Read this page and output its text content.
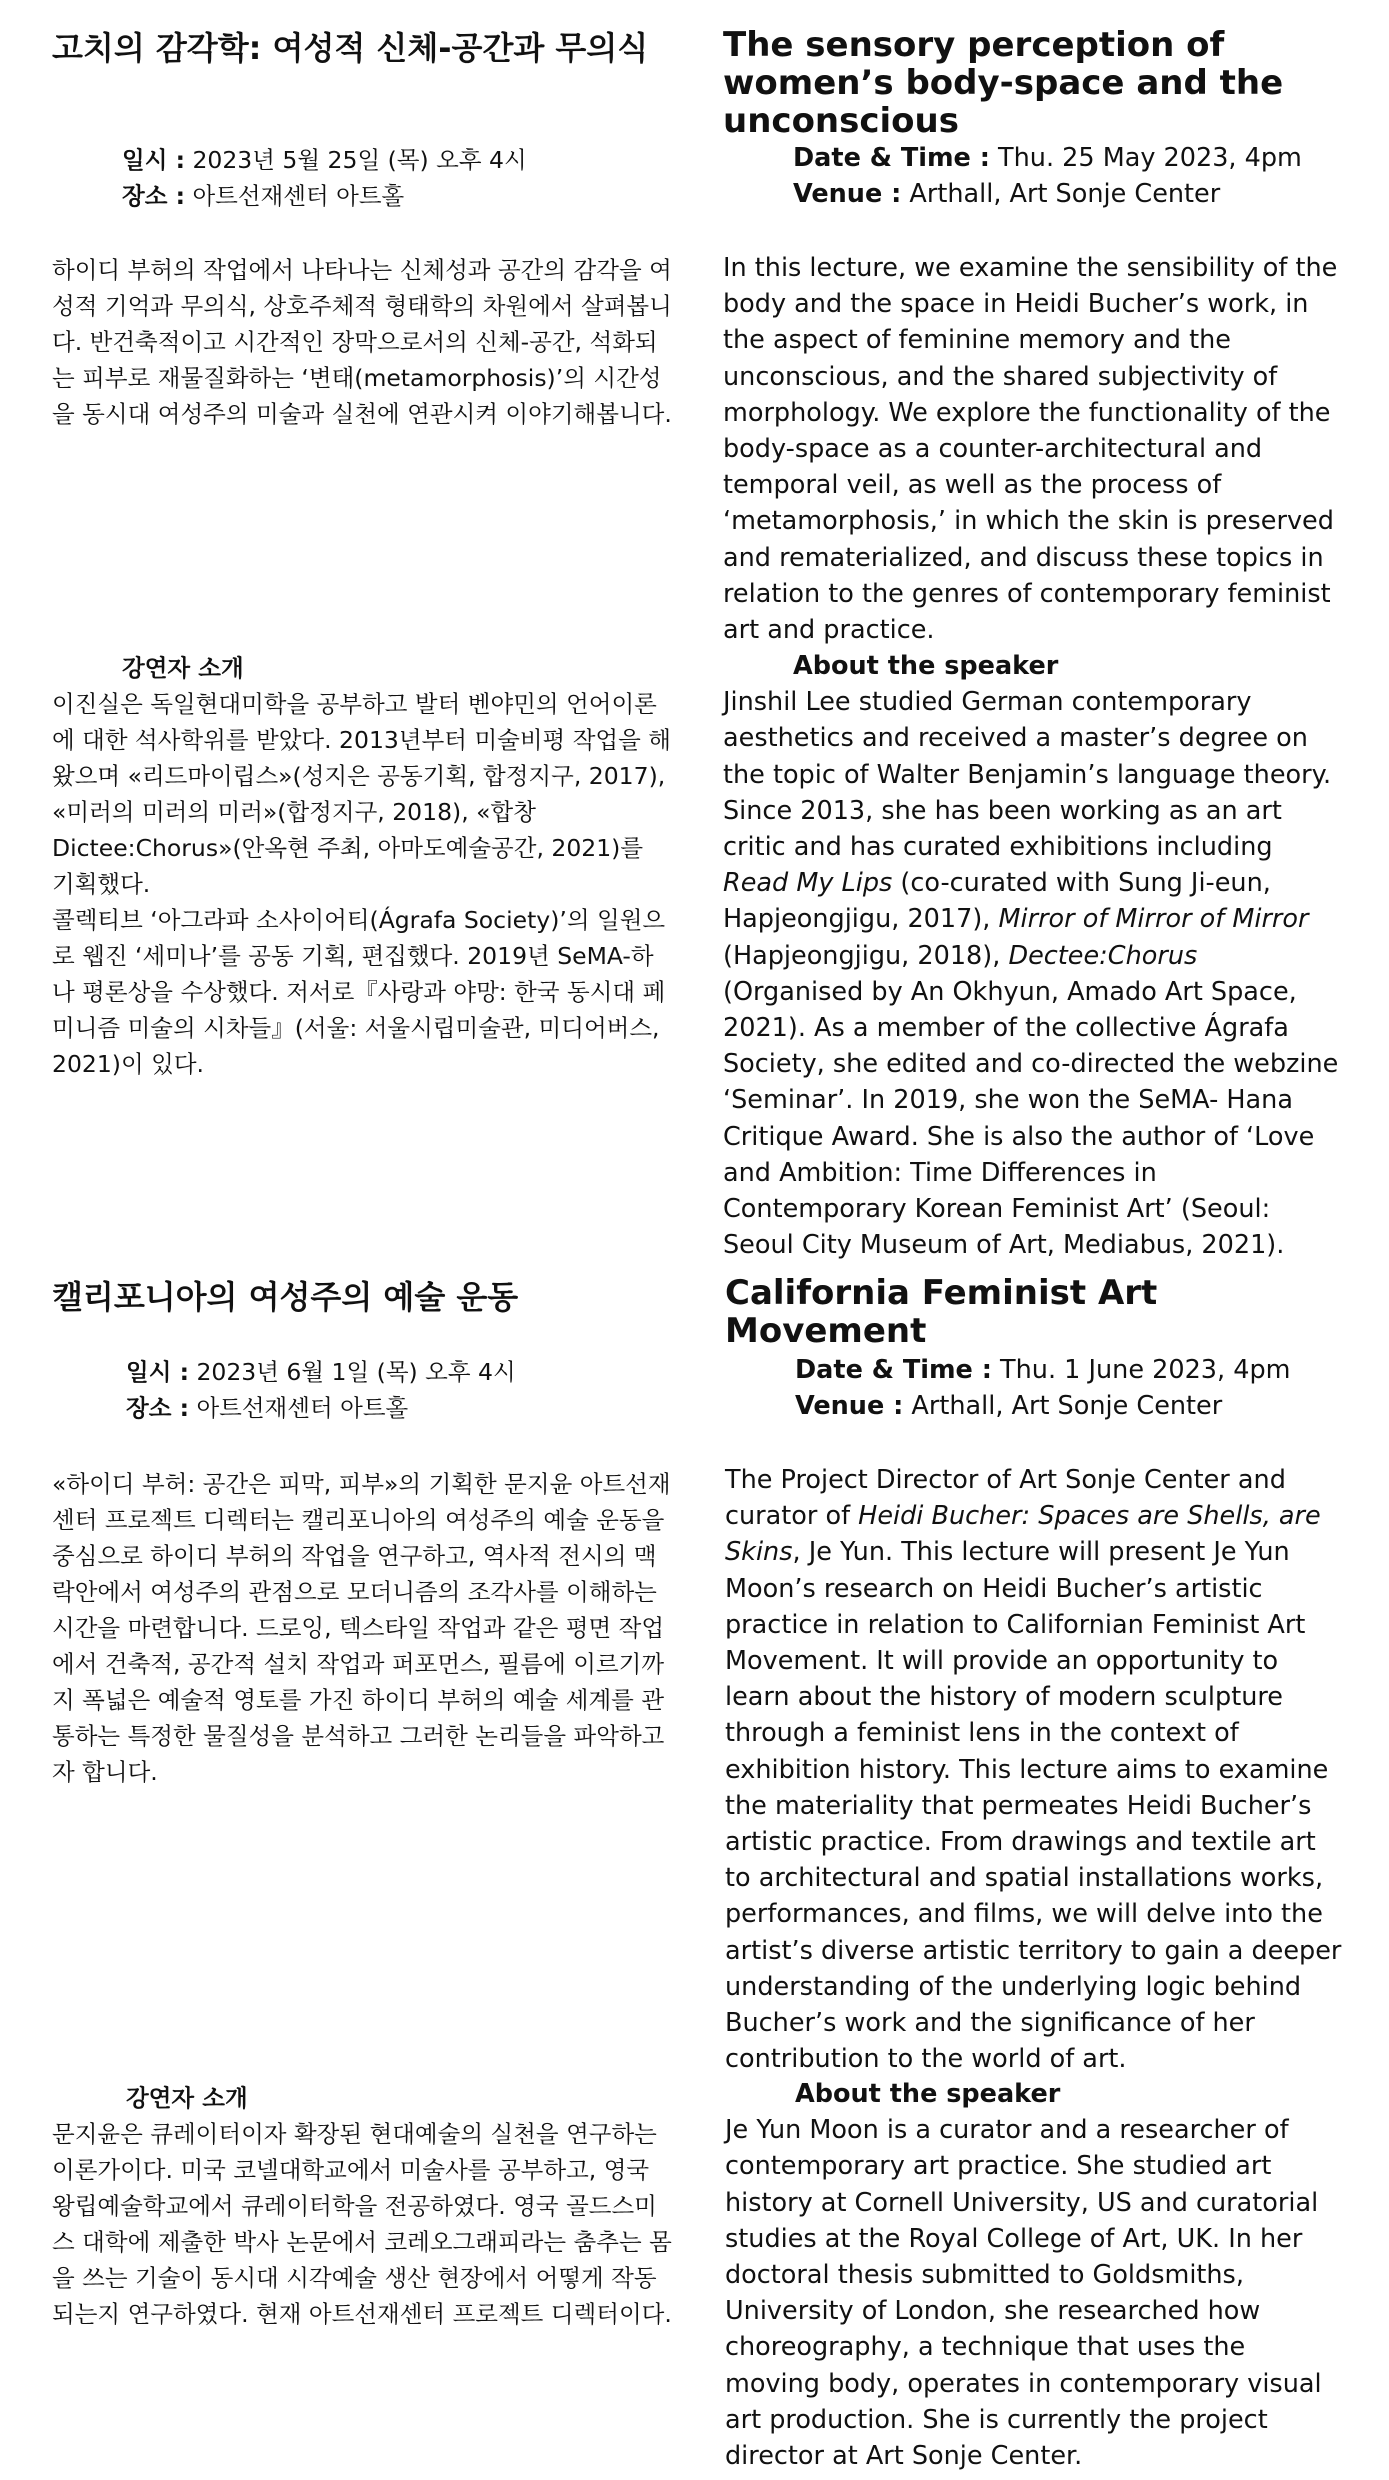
고치의 감각학: 여성적 신체-공간과 무의식
일시 : 2023년 5월 25일 (목) 오후 4시
장소 : 아트선재센터 아트홀

하이디 부허의 작업에서 나타나는 신체성과 공간의 감각을 여성적 기억과 무의식, 상호주체적 형태학의 차원에서 살펴봅니다. 반건축적이고 시간적인 장막으로서의 신체-공간, 석화되는 피부로 재물질화하는 ‘변태(metamorphosis)’의 시간성을 동시대 여성주의 미술과 실천에 연관시켜 이야기해봅니다.

강연자 소개

이진실은 독일현대미학을 공부하고 발터 벤야민의 언어이론에 대한 석사학위를 받았다. 2013년부터 미술비평 작업을 해왔으며 «리드마이립스»(성지은 공동기획, 합정지구, 2017), «미러의 미러의 미러»(합정지구, 2018), «합창 Dictee:Chorus»(안옥현 주최, 아마도예술공간, 2021)를 기획했다.

콜렉티브 ‘아그라파 소사이어티(Ágrafa Society)’의 일원으로 웹진 ‘세미나’를 공동 기획, 편집했다. 2019년 SeMA-하나 평론상을 수상했다. 저서로『사랑과 야망: 한국 동시대 페미니즘 미술의 시차들』(서울: 서울시립미술관, 미디어버스, 2021)이 있다.

The sensory perception of women’s body-space and the unconscious
Date & Time : Thu. 25 May 2023, 4pm
Venue : Arthall, Art Sonje Center

In this lecture, we examine the sensibility of the body and the space in Heidi Bucher’s work, in the aspect of feminine memory and the unconscious, and the shared subjectivity of morphology. We explore the functionality of the body-space as a counter-architectural and temporal veil, as well as the process of ‘metamorphosis,’ in which the skin is preserved and rematerialized, and discuss these topics in relation to the genres of contemporary feminist art and practice.

About the speaker

Jinshil Lee studied German contemporary aesthetics and received a master’s degree on the topic of Walter Benjamin’s language theory. Since 2013, she has been working as an art critic and has curated exhibitions including Read My Lips (co-curated with Sung Ji-eun, Hapjeongjigu, 2017), Mirror of Mirror of Mirror (Hapjeongjigu, 2018), Dectee:Chorus (Organised by An Okhyun, Amado Art Space, 2021). As a member of the collective Ágrafa Society, she edited and co-directed the webzine ‘Seminar’. In 2019, she won the SeMA- Hana Critique Award. She is also the author of ‘Love and Ambition: Time Differences in Contemporary Korean Feminist Art’ (Seoul: Seoul City Museum of Art, Mediabus, 2021).

캘리포니아의 여성주의 예술 운동
일시 : 2023년 6월 1일 (목) 오후 4시
장소 : 아트선재센터 아트홀

«하이디 부허: 공간은 피막, 피부»의 기획한 문지윤 아트선재센터 프로젝트 디렉터는 캘리포니아의 여성주의 예술 운동을 중심으로 하이디 부허의 작업을 연구하고, 역사적 전시의 맥락안에서 여성주의 관점으로 모더니즘의 조각사를 이해하는 시간을 마련합니다. 드로잉, 텍스타일 작업과 같은 평면 작업에서 건축적, 공간적 설치 작업과 퍼포먼스, 필름에 이르기까지 폭넓은 예술적 영토를 가진 하이디 부허의 예술 세계를 관통하는 특정한 물질성을 분석하고 그러한 논리들을 파악하고자 합니다.

강연자 소개

문지윤은 큐레이터이자 확장된 현대예술의 실천을 연구하는 이론가이다. 미국 코넬대학교에서 미술사를 공부하고, 영국 왕립예술학교에서 큐레이터학을 전공하였다. 영국 골드스미스 대학에 제출한 박사 논문에서 코레오그래피라는 춤추는 몸을 쓰는 기술이 동시대 시각예술 생산 현장에서 어떻게 작동되는지 연구하였다. 현재 아트선재센터 프로젝트 디렉터이다.

California Feminist Art Movement
Date & Time : Thu. 1 June 2023, 4pm
Venue : Arthall, Art Sonje Center

The Project Director of Art Sonje Center and curator of Heidi Bucher: Spaces are Shells, are Skins, Je Yun. This lecture will present Je Yun Moon’s research on Heidi Bucher’s artistic practice in relation to Californian Feminist Art Movement. It will provide an opportunity to learn about the history of modern sculpture through a feminist lens in the context of exhibition history. This lecture aims to examine the materiality that permeates Heidi Bucher’s artistic practice. From drawings and textile art to architectural and spatial installations works, performances, and films, we will delve into the artist’s diverse artistic territory to gain a deeper understanding of the underlying logic behind Bucher’s work and the significance of her contribution to the world of art.

About the speaker

Je Yun Moon is a curator and a researcher of contemporary art practice. She studied art history at Cornell University, US and curatorial studies at the Royal College of Art, UK. In her doctoral thesis submitted to Goldsmiths, University of London, she researched how choreography, a technique that uses the moving body, operates in contemporary visual art production. She is currently the project director at Art Sonje Center.
